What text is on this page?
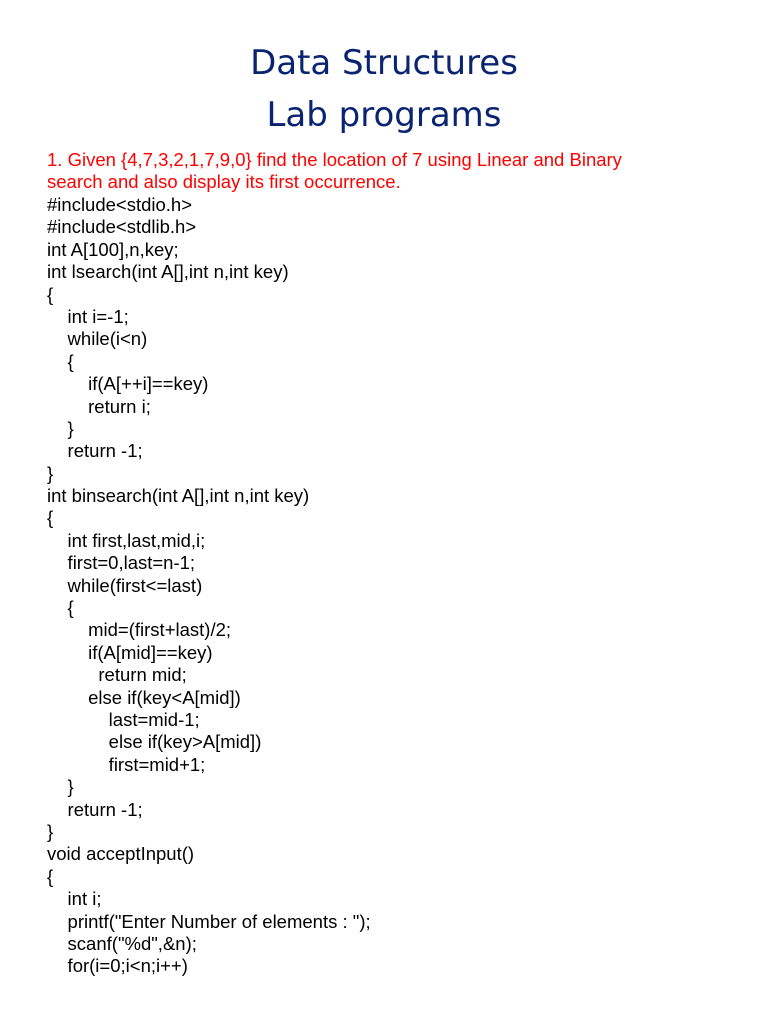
Data Structures
Lab programs

1. Given {4,7,3,2,1,7,9,0} find the location of 7 using Linear and Binary
search and also display its first occurrence.

#include<stdio.h>
#include<stdlib.h>
int A[100],n,key;
int lsearch(int A[],int n,int key)
{
int i=-1;
while(i<n)
{
if(A[++i]==key)
return i;
}
return -1;
}
int binsearch(int A[],int n,int key)
{
int first,last,mid,i;
first=0,last=n-1;
while(first<=last)
{
mid=(first+last)/2;
if(A[mid]==key)
return mid;
else if(key<A[mid])
last=mid-1;
else if(key>A[mid])
first=mid+1;
}
return -1;
}
void acceptInput()
{
int i;
printf("Enter Number of elements : ");
scanf("%d",&n);
for(i=0;i<n;i++)
